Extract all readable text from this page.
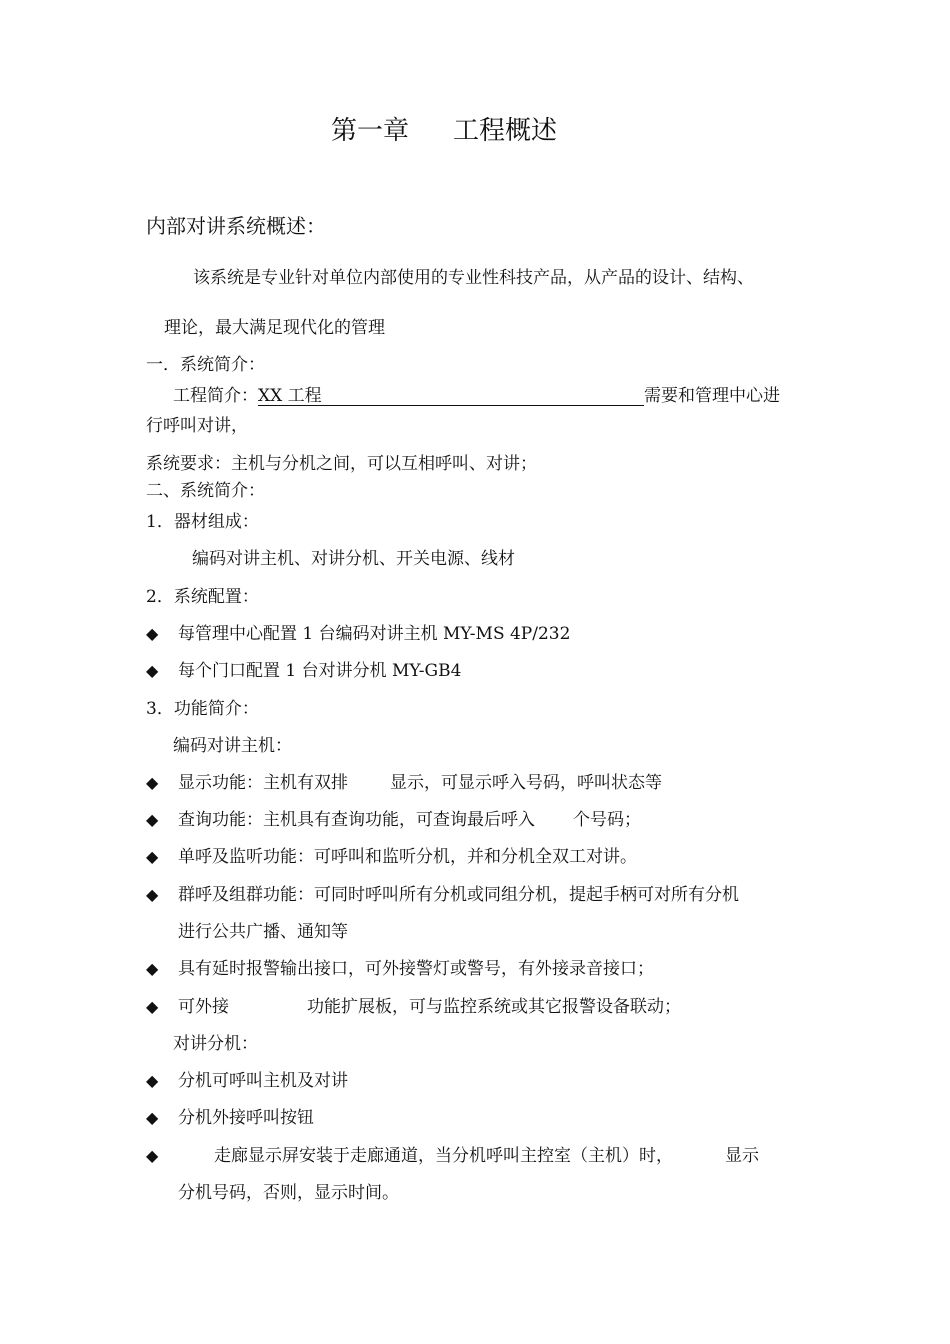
第一章 工程概述
内部对讲系统概述：
该系统是专业针对单位内部使用的专业性科技产品，从产品的设计、结构、
理论，最大满足现代化的管理
一．系统简介：
工程简介：XX 工程	需要和管理中心进
行呼叫对讲，
系统要求：主机与分机之间，可以互相呼叫、对讲；
二、系统简介：
1．器材组成：
编码对讲主机、对讲分机、开关电源、线材
2．系统配置：
◆ 每管理中心配置 1 台编码对讲主机 MY-MS 4P/232
◆ 每个门口配置 1 台对讲分机 MY-GB4
3．功能简介：
编码对讲主机：
◆ 显示功能：主机有双排 显示，可显示呼入号码，呼叫状态等
◆ 查询功能：主机具有查询功能，可查询最后呼入 个号码；
◆ 单呼及监听功能：可呼叫和监听分机，并和分机全双工对讲。
◆ 群呼及组群功能：可同时呼叫所有分机或同组分机，提起手柄可对所有分机
进行公共广播、通知等
◆ 具有延时报警输出接口，可外接警灯或警号，有外接录音接口；
◆ 可外接	功能扩展板，可与监控系统或其它报警设备联动；
对讲分机：
◆ 分机可呼叫主机及对讲
◆ 分机外接呼叫按钮
◆	走廊显示屏安装于走廊通道，当分机呼叫主控室（主机）时，	显示
分机号码，否则，显示时间。
